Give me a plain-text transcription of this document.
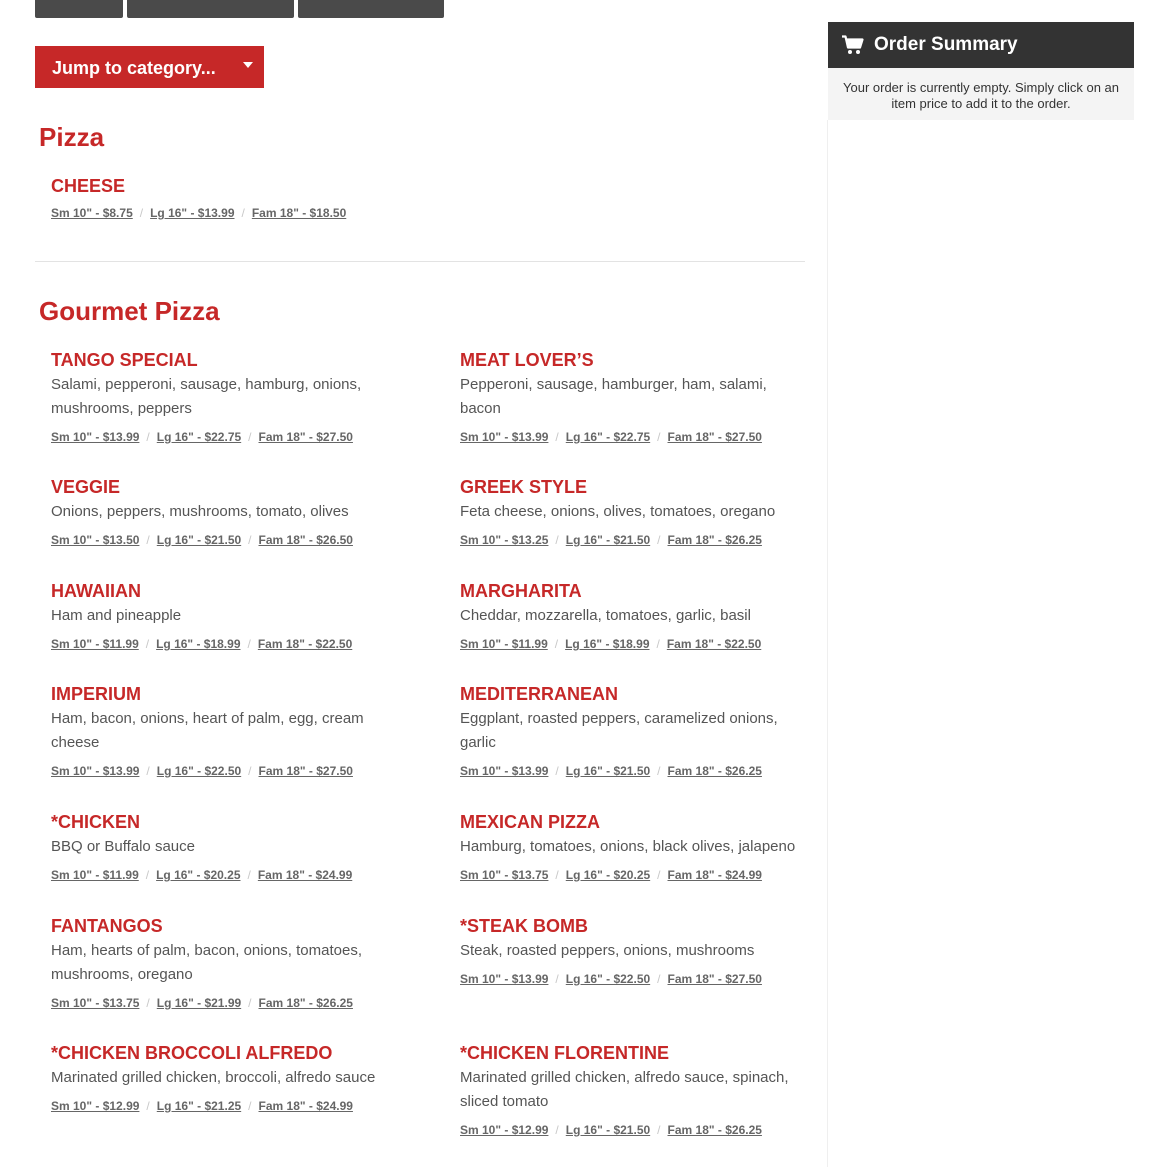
Jump to category...
Pizza
CHEESE
Sm 10" - $8.75 / Lg 16" - $13.99 / Fam 18" - $18.50
Gourmet Pizza
TANGO SPECIAL
Salami, pepperoni, sausage, hamburg, onions, mushrooms, peppers
Sm 10" - $13.99 / Lg 16" - $22.75 / Fam 18" - $27.50
MEAT LOVER’S
Pepperoni, sausage, hamburger, ham, salami, bacon
Sm 10" - $13.99 / Lg 16" - $22.75 / Fam 18" - $27.50
VEGGIE
Onions, peppers, mushrooms, tomato, olives
Sm 10" - $13.50 / Lg 16" - $21.50 / Fam 18" - $26.50
GREEK STYLE
Feta cheese, onions, olives, tomatoes, oregano
Sm 10" - $13.25 / Lg 16" - $21.50 / Fam 18" - $26.25
HAWAIIAN
Ham and pineapple
Sm 10" - $11.99 / Lg 16" - $18.99 / Fam 18" - $22.50
MARGHARITA
Cheddar, mozzarella, tomatoes, garlic, basil
Sm 10" - $11.99 / Lg 16" - $18.99 / Fam 18" - $22.50
IMPERIUM
Ham, bacon, onions, heart of palm, egg, cream cheese
Sm 10" - $13.99 / Lg 16" - $22.50 / Fam 18" - $27.50
MEDITERRANEAN
Eggplant, roasted peppers, caramelized onions, garlic
Sm 10" - $13.99 / Lg 16" - $21.50 / Fam 18" - $26.25
*CHICKEN
BBQ or Buffalo sauce
Sm 10" - $11.99 / Lg 16" - $20.25 / Fam 18" - $24.99
MEXICAN PIZZA
Hamburg, tomatoes, onions, black olives, jalapeno
Sm 10" - $13.75 / Lg 16" - $20.25 / Fam 18" - $24.99
FANTANGOS
Ham, hearts of palm, bacon, onions, tomatoes, mushrooms, oregano
Sm 10" - $13.75 / Lg 16" - $21.99 / Fam 18" - $26.25
*STEAK BOMB
Steak, roasted peppers, onions, mushrooms
Sm 10" - $13.99 / Lg 16" - $22.50 / Fam 18" - $27.50
*CHICKEN BROCCOLI ALFREDO
Marinated grilled chicken, broccoli, alfredo sauce
Sm 10" - $12.99 / Lg 16" - $21.25 / Fam 18" - $24.99
*CHICKEN FLORENTINE
Marinated grilled chicken, alfredo sauce, spinach, sliced tomato
Sm 10" - $12.99 / Lg 16" - $21.50 / Fam 18" - $26.25
Order Summary
Your order is currently empty. Simply click on an item price to add it to the order.
